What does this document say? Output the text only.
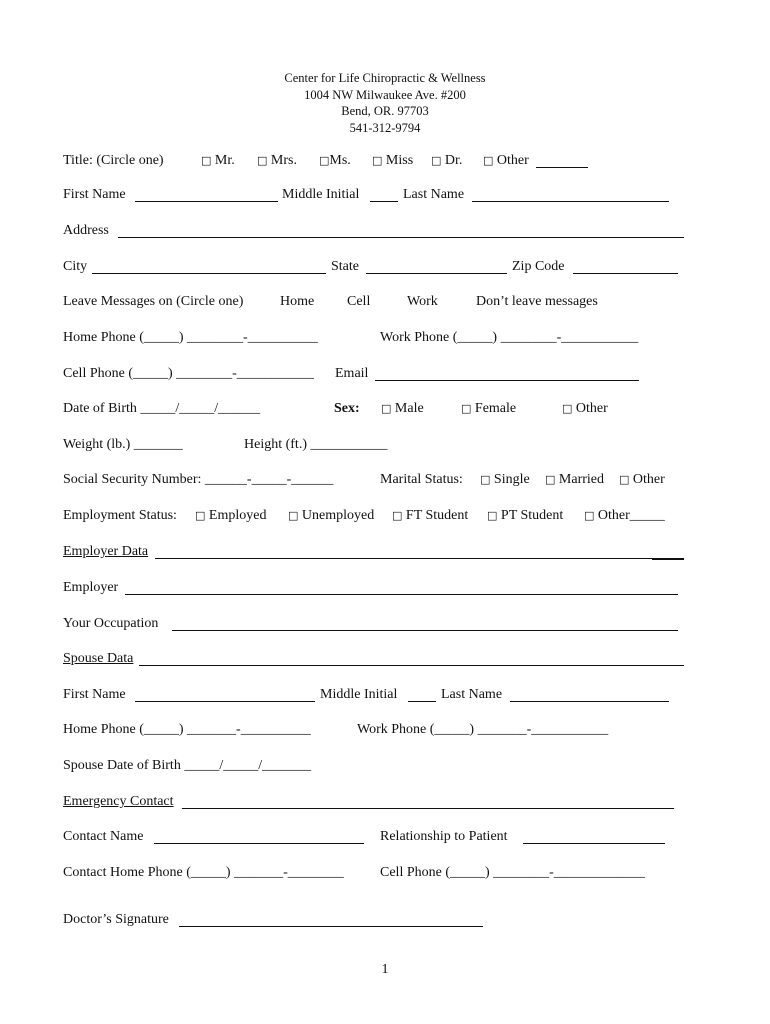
Center for Life Chiropractic & Wellness
1004 NW Milwaukee Ave. #200
Bend, OR. 97703
541-312-9794
Title: (Circle one)	□ Mr. □ Mrs. □Ms. □ Miss □ Dr. □ Other
First Name	Middle Initial	Last Name
Address
City	State	Zip Code
Leave Messages on (Circle one)	Home Cell	Work	Don’t leave messages
Home Phone (_____) ________-__________	Work Phone (_____) ________-___________
Cell Phone (_____) ________-___________ Email
Date of Birth _____/_____/______	Sex: □ Male	□ Female	□ Other
Weight (lb.) _______	Height (ft.) ___________
Social Security Number: ______-_____-______	Marital Status: □ Single □ Married □ Other
Employment Status: □ Employed □ Unemployed □ FT Student □ PT Student □ Other_____
Employer Data
Employer
Your Occupation
Spouse Data
First Name	Middle Initial	Last Name
Home Phone (_____) _______-__________	Work Phone (_____) _______-___________
Spouse Date of Birth _____/_____/_______
Emergency Contact
Contact Name	Relationship to Patient
Contact Home Phone (_____) _______-________	Cell Phone (_____) ________-_____________
Doctor’s Signature
1
